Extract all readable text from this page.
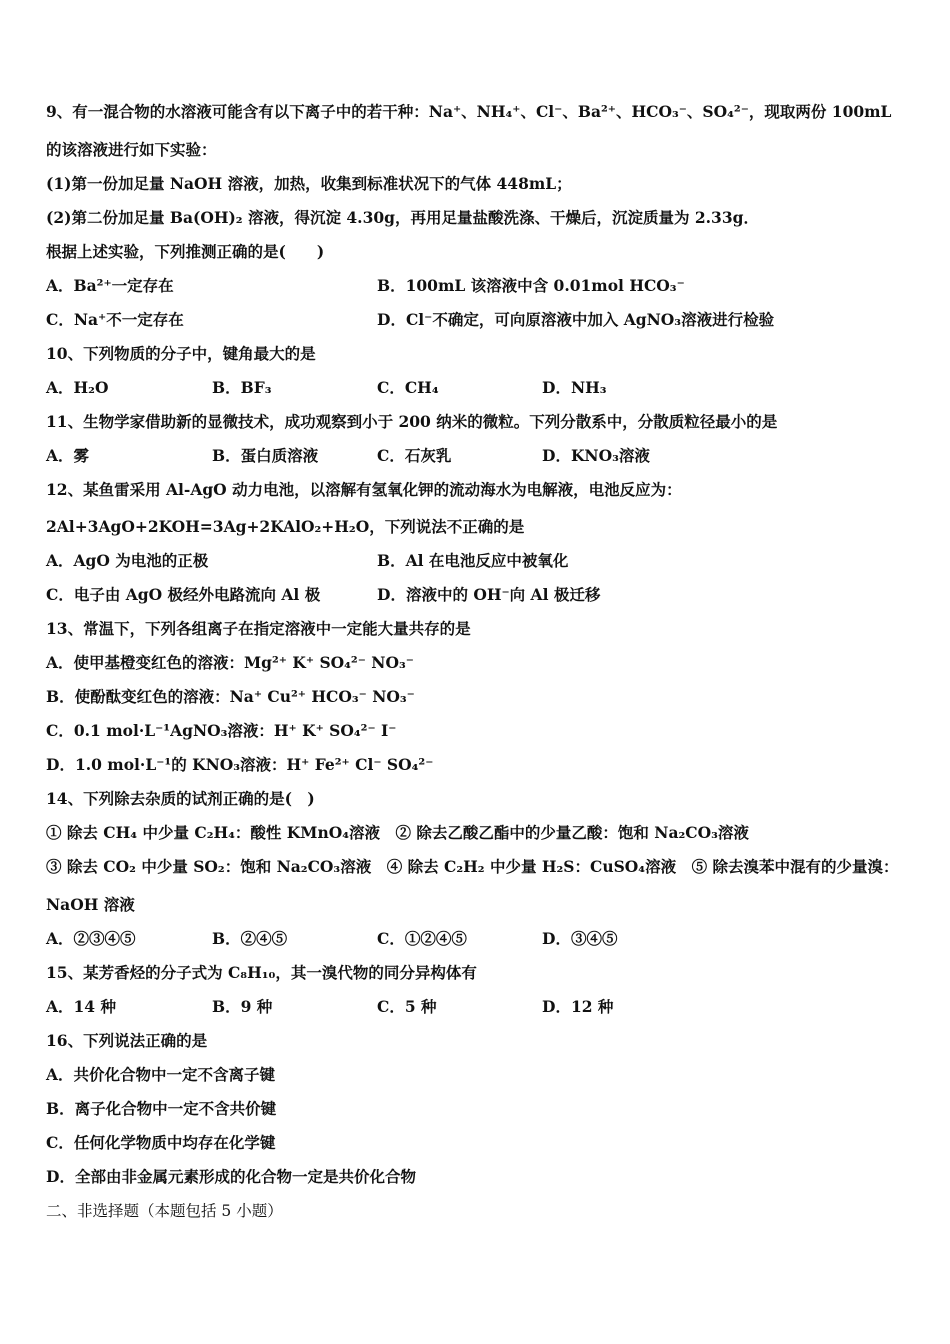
9、有一混合物的水溶液可能含有以下离子中的若干种：Na⁺、NH₄⁺、Cl⁻、Ba²⁺、HCO₃⁻、SO₄²⁻，现取两份 100mL
的该溶液进行如下实验：
(1)第一份加足量 NaOH 溶液，加热，收集到标准状况下的气体 448mL；
(2)第二份加足量 Ba(OH)₂ 溶液，得沉淀 4.30g，再用足量盐酸洗涤、干燥后，沉淀质量为 2.33g．
根据上述实验，下列推测正确的是(　　)
A．Ba²⁺一定存在	B．100mL 该溶液中含 0.01mol HCO₃⁻
C．Na⁺不一定存在	D．Cl⁻不确定，可向原溶液中加入 AgNO₃溶液进行检验
10、下列物质的分子中，键角最大的是
A．H₂O	B．BF₃	C．CH₄	D．NH₃
11、生物学家借助新的显微技术，成功观察到小于 200 纳米的微粒。下列分散系中，分散质粒径最小的是
A．雾	B．蛋白质溶液	C．石灰乳	D．KNO₃溶液
12、某鱼雷采用 Al-AgO 动力电池，以溶解有氢氧化钾的流动海水为电解液，电池反应为：
2Al+3AgO+2KOH=3Ag+2KAlO₂+H₂O，下列说法不正确的是
A．AgO 为电池的正极	B．Al 在电池反应中被氧化
C．电子由 AgO 极经外电路流向 Al 极	D．溶液中的 OH⁻向 Al 极迁移
13、常温下，下列各组离子在指定溶液中一定能大量共存的是
A．使甲基橙变红色的溶液：Mg²⁺ K⁺ SO₄²⁻ NO₃⁻
B．使酚酞变红色的溶液：Na⁺ Cu²⁺ HCO₃⁻ NO₃⁻
C．0.1 mol·L⁻¹AgNO₃溶液：H⁺ K⁺ SO₄²⁻ I⁻
D．1.0 mol·L⁻¹的 KNO₃溶液：H⁺ Fe²⁺ Cl⁻ SO₄²⁻
14、下列除去杂质的试剂正确的是(　)
① 除去 CH₄ 中少量 C₂H₄：酸性 KMnO₄溶液　② 除去乙酸乙酯中的少量乙酸：饱和 Na₂CO₃溶液
③ 除去 CO₂ 中少量 SO₂：饱和 Na₂CO₃溶液　④ 除去 C₂H₂ 中少量 H₂S：CuSO₄溶液　⑤ 除去溴苯中混有的少量溴：
NaOH 溶液
A．②③④⑤	B．②④⑤	C．①②④⑤	D．③④⑤
15、某芳香烃的分子式为 C₈H₁₀，其一溴代物的同分异构体有
A．14 种	B．9 种	C．5 种	D．12 种
16、下列说法正确的是
A．共价化合物中一定不含离子键
B．离子化合物中一定不含共价键
C．任何化学物质中均存在化学键
D．全部由非金属元素形成的化合物一定是共价化合物
二、非选择题（本题包括 5 小题）
